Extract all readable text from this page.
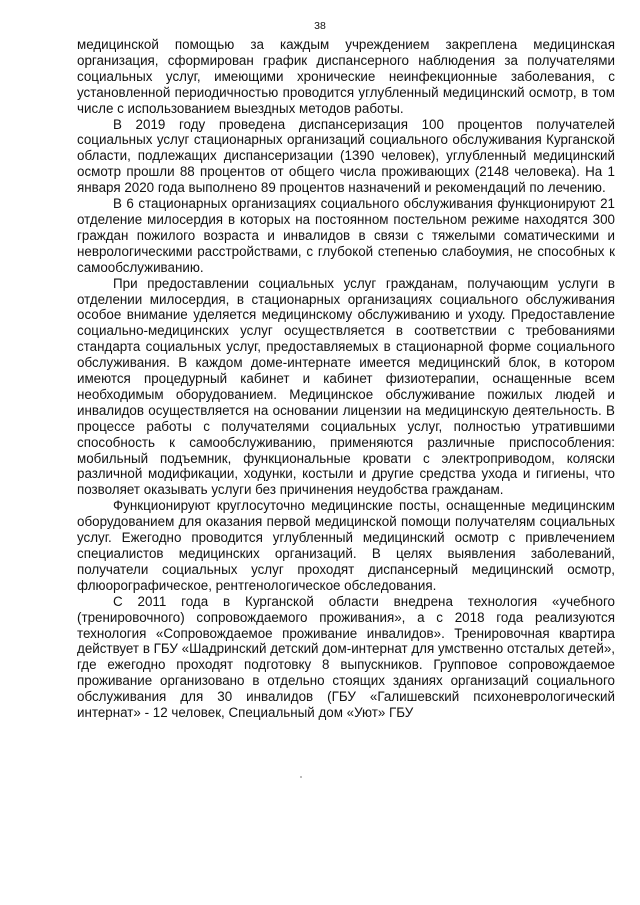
38

медицинской помощью за каждым учреждением закреплена медицинская организация, сформирован график диспансерного наблюдения за получателями социальных услуг, имеющими хронические неинфекционные заболевания, с установленной периодичностью проводится углубленный медицинский осмотр, в том числе с использованием выездных методов работы.

В 2019 году проведена диспансеризация 100 процентов получателей социальных услуг стационарных организаций социального обслуживания Курганской области, подлежащих диспансеризации (1390 человек), углубленный медицинский осмотр прошли 88 процентов от общего числа проживающих (2148 человека). На 1 января 2020 года выполнено 89 процентов назначений и рекомендаций по лечению.

В 6 стационарных организациях социального обслуживания функционируют 21 отделение милосердия в которых на постоянном постельном режиме находятся 300 граждан пожилого возраста и инвалидов в связи с тяжелыми соматическими и неврологическими расстройствами, с глубокой степенью слабоумия, не способных к самообслуживанию.

При предоставлении социальных услуг гражданам, получающим услуги в отделении милосердия, в стационарных организациях социального обслуживания особое внимание уделяется медицинскому обслуживанию и уходу. Предоставление социально-медицинских услуг осуществляется в соответствии с требованиями стандарта социальных услуг, предоставляемых в стационарной форме социального обслуживания. В каждом доме-интернате имеется медицинский блок, в котором имеются процедурный кабинет и кабинет физиотерапии, оснащенные всем необходимым оборудованием. Медицинское обслуживание пожилых людей и инвалидов осуществляется на основании лицензии на медицинскую деятельность. В процессе работы с получателями социальных услуг, полностью утратившими способность к самообслуживанию, применяются различные приспособления: мобильный подъемник, функциональные кровати с электроприводом, коляски различной модификации, ходунки, костыли и другие средства ухода и гигиены, что позволяет оказывать услуги без причинения неудобства гражданам.

Функционируют круглосуточно медицинские посты, оснащенные медицинским оборудованием для оказания первой медицинской помощи получателям социальных услуг. Ежегодно проводится углубленный медицинский осмотр с привлечением специалистов медицинских организаций. В целях выявления заболеваний, получатели социальных услуг проходят диспансерный медицинский осмотр, флюорографическое, рентгенологическое обследования.

С 2011 года в Курганской области внедрена технология «учебного (тренировочного) сопровождаемого проживания», а с 2018 года реализуются технология «Сопровождаемое проживание инвалидов». Тренировочная квартира действует в ГБУ «Шадринский детский дом-интернат для умственно отсталых детей», где ежегодно проходят подготовку 8 выпускников. Групповое сопровождаемое проживание организовано в отдельно стоящих зданиях организаций социального обслуживания для 30 инвалидов (ГБУ «Галишевский психоневрологический интернат» - 12 человек, Специальный дом «Уют» ГБУ
